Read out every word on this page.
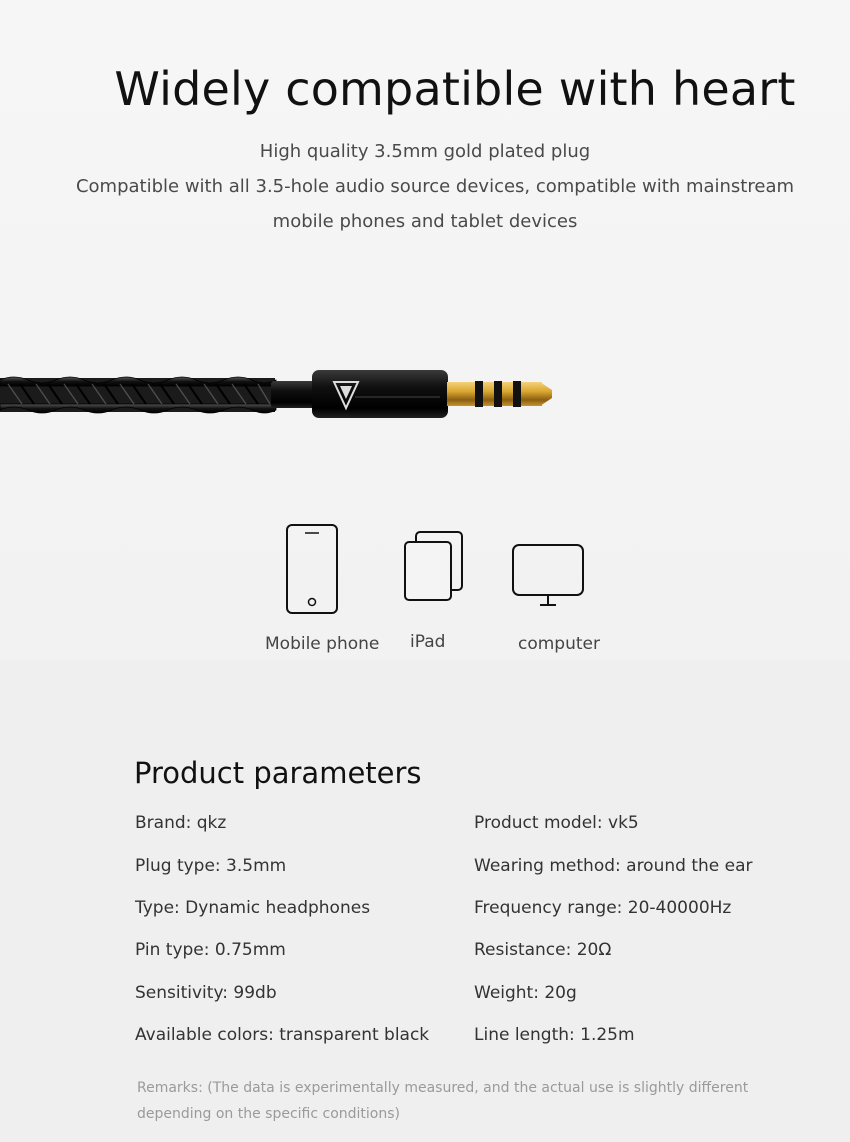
Widely compatible with heart
High quality 3.5mm gold plated plug
Compatible with all 3.5-hole audio source devices, compatible with mainstream
mobile phones and tablet devices
Mobile phone iPad	computer
Product parameters
Brand: qkz
Plug type: 3.5mm
Type: Dynamic headphones
Pin type: 0.75mm
Sensitivity: 99db
Available colors: transparent black
Product model: vk5
Wearing method: around the ear
Frequency range: 20-40000Hz
Resistance: 20Ω
Weight: 20g
Line length: 1.25m
Remarks: (The data is experimentally measured, and the actual use is slightly different depending on the specific conditions)
